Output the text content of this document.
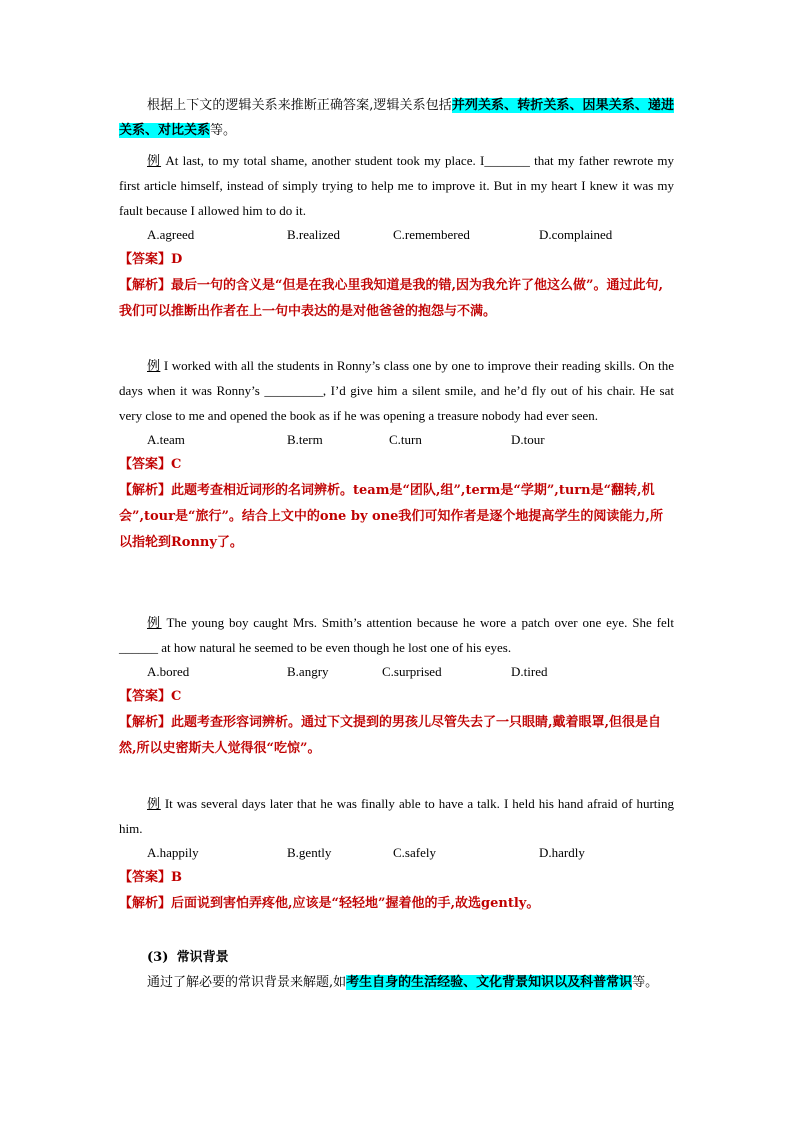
根据上下文的逻辑关系来推断正确答案,逻辑关系包括并列关系、转折关系、因果关系、递进关系、对比关系等。

例 At last, to my total shame, another student took my place. I_______ that my father rewrote my first article himself, instead of simply trying to help me to improve it. But in my heart I knew it was my fault because I allowed him to do it.

A.agreed	B.realized	C.remembered	D.complained

【答案】D

【解析】最后一句的含义是“但是在我心里我知道是我的错,因为我允许了他这么做”。通过此句,我们可以推断出作者在上一句中表达的是对他爸爸的抱怨与不满。

例 I worked with all the students in Ronny’s class one by one to improve their reading skills. On the days when it was Ronny’s _________, I’d give him a silent smile, and he’d fly out of his chair. He sat very close to me and opened the book as if he was opening a treasure nobody had ever seen.

A.team	B.term	C.turn	D.tour

【答案】C

【解析】此题考查相近词形的名词辨析。team是“团队,组”,term是“学期”,turn是“翻转,机会”,tour是“旅行”。结合上文中的one by one我们可知作者是逐个地提高学生的阅读能力,所以指轮到Ronny了。

例 The young boy caught Mrs. Smith’s attention because he wore a patch over one eye. She felt ______ at how natural he seemed to be even though he lost one of his eyes.

A.bored	B.angry	C.surprised	D.tired

【答案】C

【解析】此题考查形容词辨析。通过下文提到的男孩儿尽管失去了一只眼睛,戴着眼罩,但很是自然,所以史密斯夫人觉得很“吃惊”。

例 It was several days later that he was finally able to have a talk. I held his hand afraid of hurting him.

A.happily	B.gently	C.safely	D.hardly

【答案】B

【解析】后面说到害怕弄疼他,应该是“轻轻地”握着他的手,故选gently。

(3) 常识背景

通过了解必要的常识背景来解题,如考生自身的生活经验、文化背景知识以及科普常识等。
